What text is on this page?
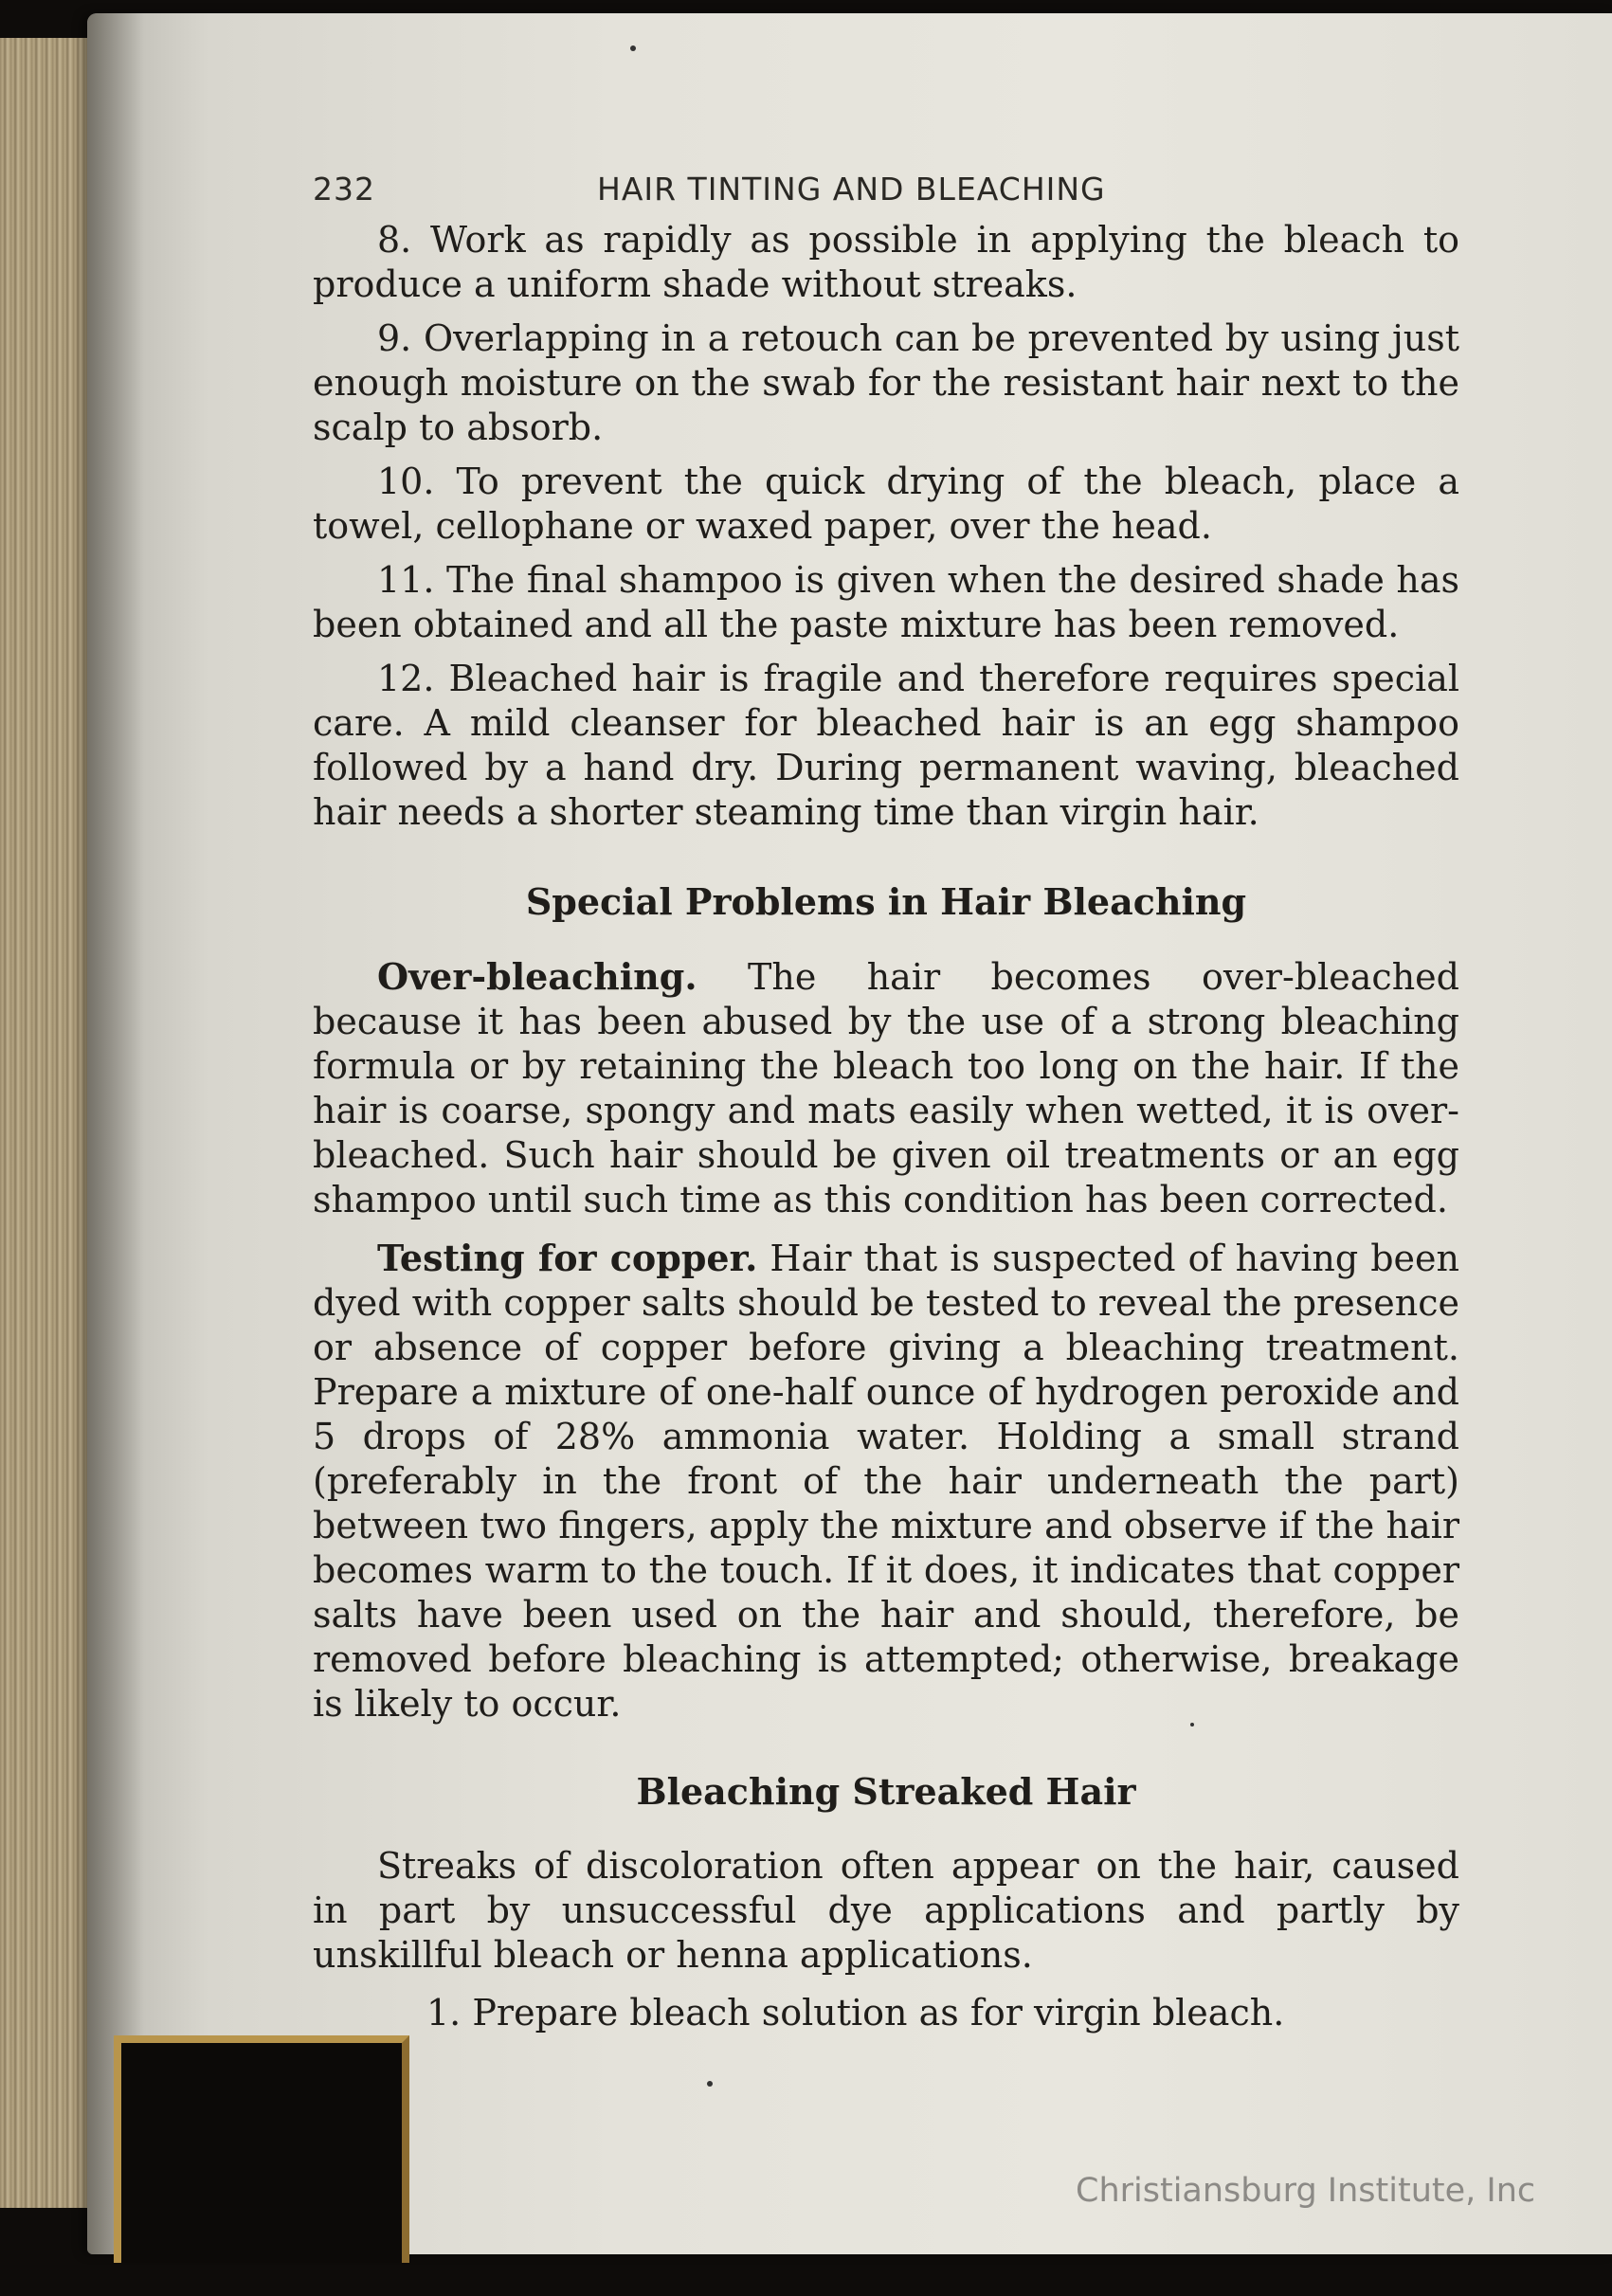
232	HAIR TINTING AND BLEACHING

8. Work as rapidly as possible in applying the bleach to produce a uniform shade without streaks.

9. Overlapping in a retouch can be prevented by using just enough moisture on the swab for the resistant hair next to the scalp to absorb.

10. To prevent the quick drying of the bleach, place a towel, cellophane or waxed paper, over the head.

11. The final shampoo is given when the desired shade has been obtained and all the paste mixture has been removed.

12. Bleached hair is fragile and therefore requires special care. A mild cleanser for bleached hair is an egg shampoo followed by a hand dry. During permanent waving, bleached hair needs a shorter steaming time than virgin hair.

Special Problems in Hair Bleaching

Over-bleaching. The hair becomes over-bleached because it has been abused by the use of a strong bleaching formula or by retaining the bleach too long on the hair. If the hair is coarse, spongy and mats easily when wetted, it is over-bleached. Such hair should be given oil treatments or an egg shampoo until such time as this condition has been corrected.

Testing for copper. Hair that is suspected of having been dyed with copper salts should be tested to reveal the presence or absence of copper before giving a bleaching treatment. Prepare a mixture of one-half ounce of hydrogen peroxide and 5 drops of 28% ammonia water. Holding a small strand (preferably in the front of the hair underneath the part) between two fingers, apply the mixture and observe if the hair becomes warm to the touch. If it does, it indicates that copper salts have been used on the hair and should, therefore, be removed before bleaching is attempted; otherwise, breakage is likely to occur.

Bleaching Streaked Hair

Streaks of discoloration often appear on the hair, caused in part by unsuccessful dye applications and partly by unskillful bleach or henna applications.

1. Prepare bleach solution as for virgin bleach.

Christiansburg Institute, Inc
